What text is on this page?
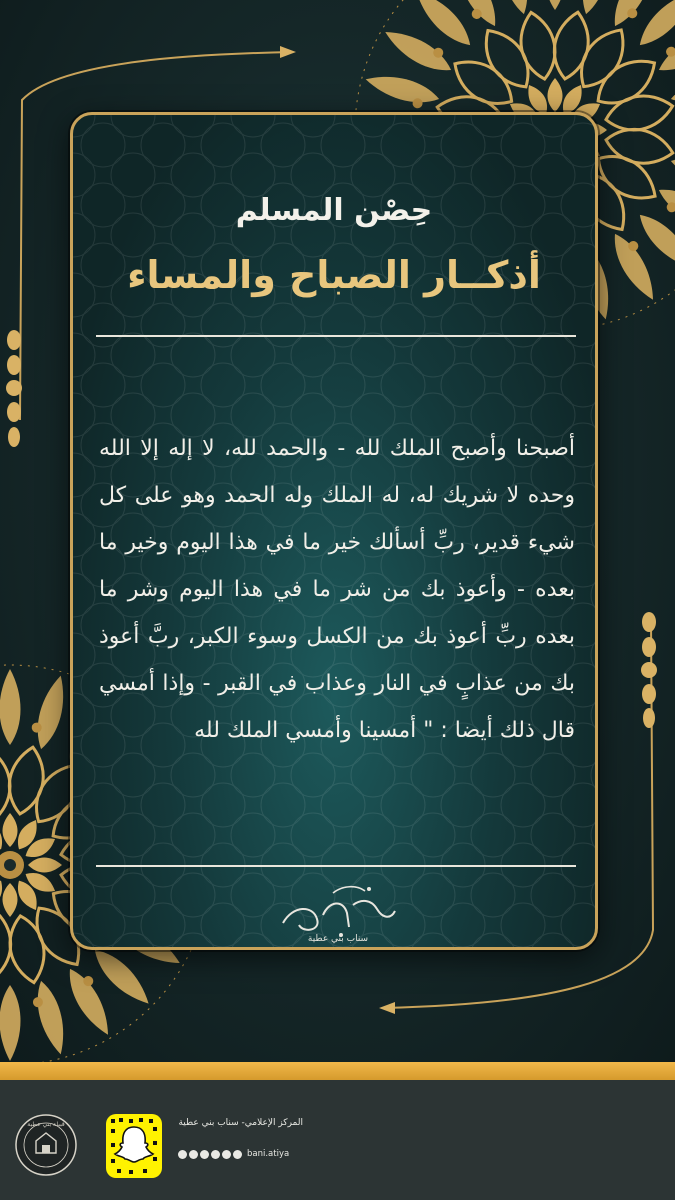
حِصْن المسلم
أذكــار الصباح والمساء
أصبحنا وأصبح الملك لله - والحمد لله، لا إله إلا الله وحده لا شريك له، له الملك وله الحمد وهو على كل شيء قدير، ربِّ أسألك خير ما في هذا اليوم وخير ما بعده - وأعوذ بك من شر ما في هذا اليوم وشر ما بعده ربِّ أعوذ بك من الكسل وسوء الكبر، ربَّ أعوذ بك من عذابٍ في النار وعذاب في القبر - وإذا أمسي قال ذلك أيضا : " أمسينا وأمسي الملك لله
سناب بني عطية
قبيلة بني عطية	المركز الإعلامي- سناب بني عطية
bani.atiya
